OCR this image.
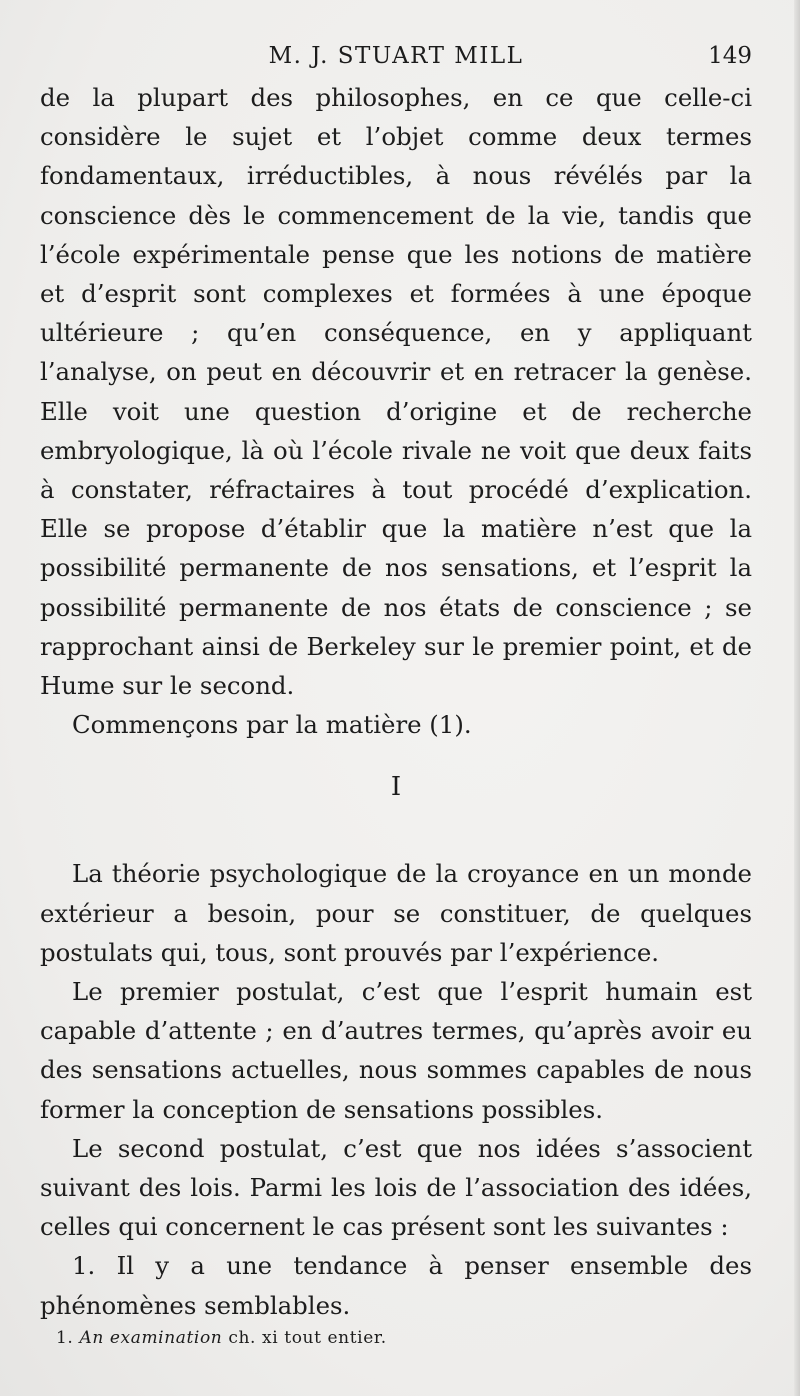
M. J. STUART MILL	149

de la plupart des philosophes, en ce que celle-ci considère le sujet et l’objet comme deux termes fondamentaux, irréductibles, à nous révélés par la conscience dès le commencement de la vie, tandis que l’école expérimentale pense que les notions de matière et d’esprit sont complexes et formées à une époque ultérieure ; qu’en conséquence, en y appliquant l’analyse, on peut en découvrir et en retracer la genèse. Elle voit une question d’origine et de recherche embryologique, là où l’école rivale ne voit que deux faits à constater, réfractaires à tout procédé d’explication. Elle se propose d’établir que la matière n’est que la possibilité permanente de nos sensations, et l’esprit la possibilité permanente de nos états de conscience ; se rapprochant ainsi de Berkeley sur le premier point, et de Hume sur le second.

Commençons par la matière (1).

I

La théorie psychologique de la croyance en un monde extérieur a besoin, pour se constituer, de quelques postulats qui, tous, sont prouvés par l’expérience.

Le premier postulat, c’est que l’esprit humain est capable d’attente ; en d’autres termes, qu’après avoir eu des sensations actuelles, nous sommes capables de nous former la conception de sensations possibles.

Le second postulat, c’est que nos idées s’associent suivant des lois. Parmi les lois de l’association des idées, celles qui concernent le cas présent sont les suivantes :

1. Il y a une tendance à penser ensemble des phénomènes semblables.

1. An examination ch. xi tout entier.
